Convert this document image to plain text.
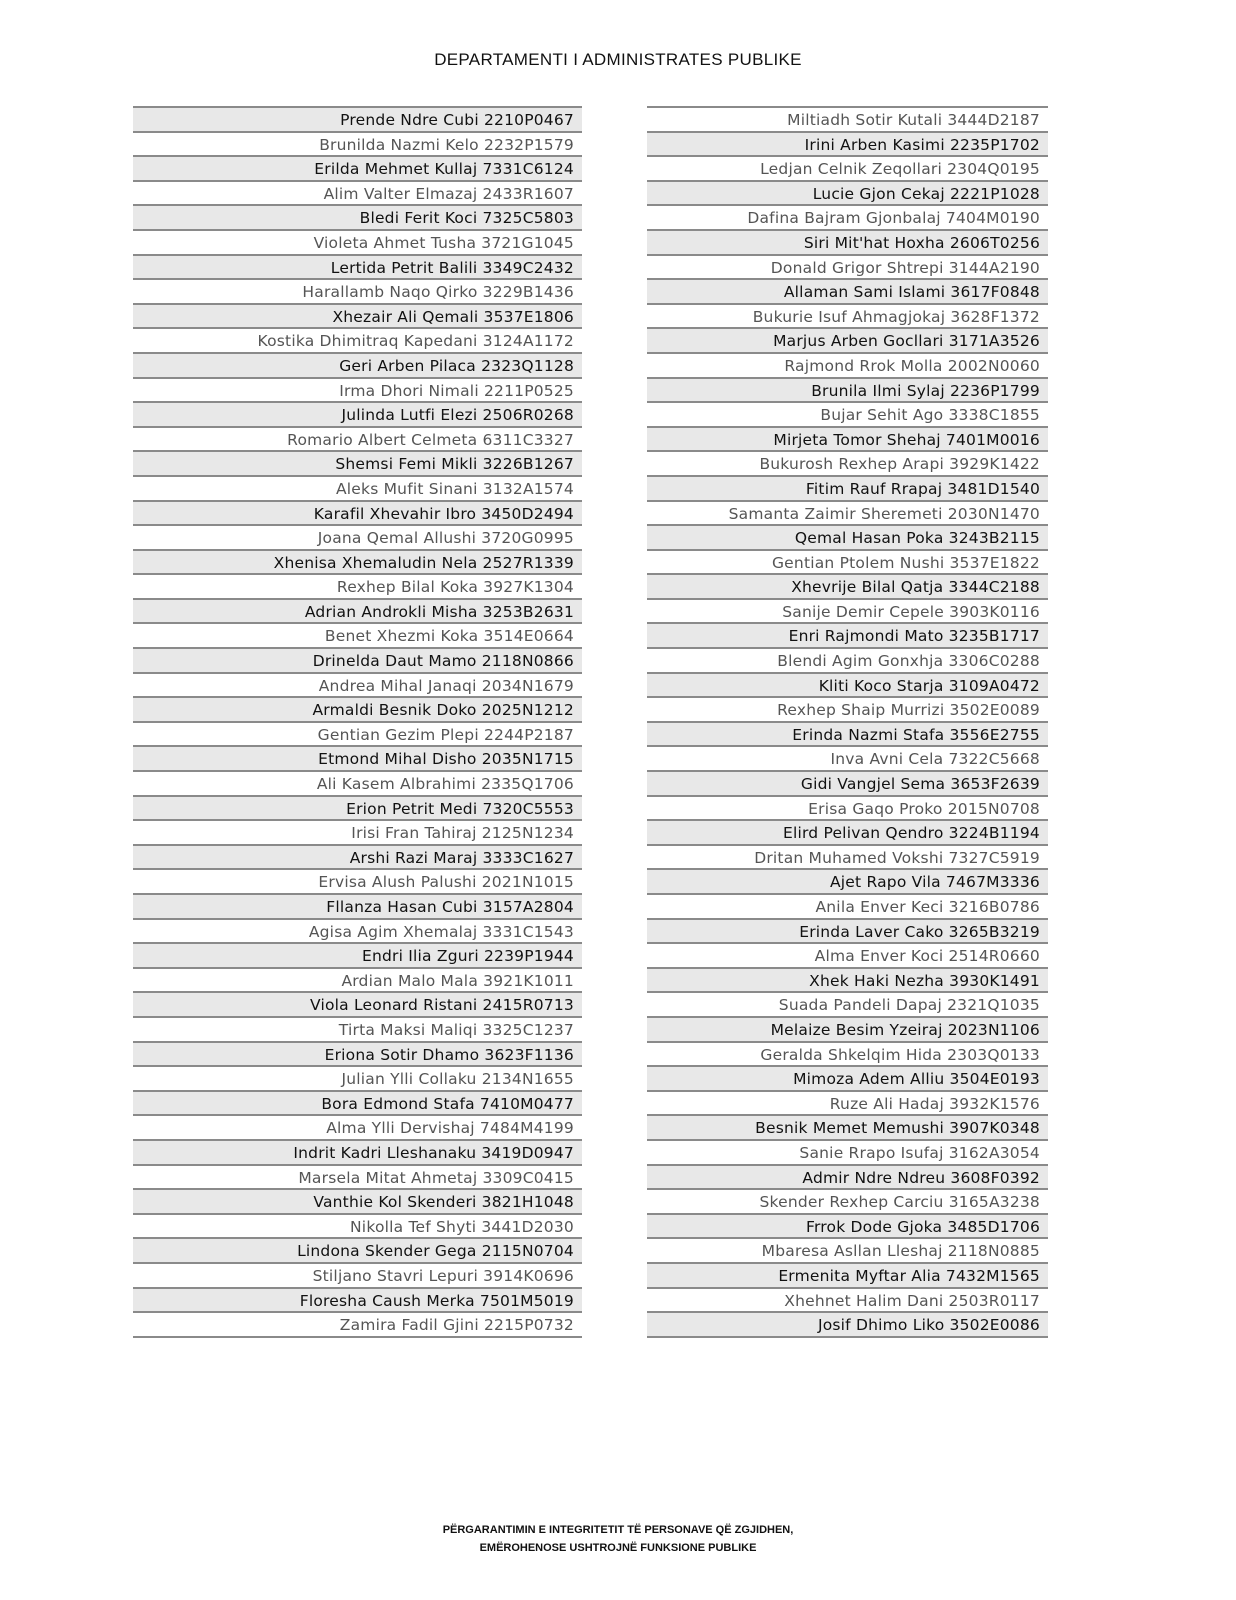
DEPARTAMENTI I ADMINISTRATES PUBLIKE
Prende Ndre Cubi 2210P0467
Brunilda Nazmi Kelo 2232P1579
Erilda Mehmet Kullaj 7331C6124
Alim Valter Elmazaj 2433R1607
Bledi Ferit Koci 7325C5803
Violeta Ahmet Tusha 3721G1045
Lertida Petrit Balili 3349C2432
Harallamb Naqo Qirko 3229B1436
Xhezair Ali Qemali 3537E1806
Kostika Dhimitraq Kapedani 3124A1172
Geri Arben Pilaca 2323Q1128
Irma Dhori Nimali 2211P0525
Julinda Lutfi Elezi 2506R0268
Romario Albert Celmeta 6311C3327
Shemsi Femi Mikli 3226B1267
Aleks Mufit Sinani 3132A1574
Karafil Xhevahir Ibro 3450D2494
Joana Qemal Allushi 3720G0995
Xhenisa Xhemaludin Nela 2527R1339
Rexhep Bilal Koka 3927K1304
Adrian Androkli Misha 3253B2631
Benet Xhezmi Koka 3514E0664
Drinelda Daut Mamo 2118N0866
Andrea Mihal Janaqi 2034N1679
Armaldi Besnik Doko 2025N1212
Gentian Gezim Plepi 2244P2187
Etmond Mihal Disho 2035N1715
Ali Kasem Albrahimi 2335Q1706
Erion Petrit Medi 7320C5553
Irisi Fran Tahiraj 2125N1234
Arshi Razi Maraj 3333C1627
Ervisa Alush Palushi 2021N1015
Fllanza Hasan Cubi 3157A2804
Agisa Agim Xhemalaj 3331C1543
Endri Ilia Zguri 2239P1944
Ardian Malo Mala 3921K1011
Viola Leonard Ristani 2415R0713
Tirta Maksi Maliqi 3325C1237
Eriona Sotir Dhamo 3623F1136
Julian Ylli Collaku 2134N1655
Bora Edmond Stafa 7410M0477
Alma Ylli Dervishaj 7484M4199
Indrit Kadri Lleshanaku 3419D0947
Marsela Mitat Ahmetaj 3309C0415
Vanthie Kol Skenderi 3821H1048
Nikolla Tef Shyti 3441D2030
Lindona Skender Gega 2115N0704
Stiljano Stavri Lepuri 3914K0696
Floresha Caush Merka 7501M5019
Zamira Fadil Gjini 2215P0732
Miltiadh Sotir Kutali 3444D2187
Irini Arben Kasimi 2235P1702
Ledjan Celnik Zeqollari 2304Q0195
Lucie Gjon Cekaj 2221P1028
Dafina Bajram Gjonbalaj 7404M0190
Siri Mit'hat Hoxha 2606T0256
Donald Grigor Shtrepi 3144A2190
Allaman Sami Islami 3617F0848
Bukurie Isuf Ahmagjokaj 3628F1372
Marjus Arben Gocllari 3171A3526
Rajmond Rrok Molla 2002N0060
Brunila Ilmi Sylaj 2236P1799
Bujar Sehit Ago 3338C1855
Mirjeta Tomor Shehaj 7401M0016
Bukurosh Rexhep Arapi 3929K1422
Fitim Rauf Rrapaj 3481D1540
Samanta Zaimir Sheremeti 2030N1470
Qemal Hasan Poka 3243B2115
Gentian Ptolem Nushi 3537E1822
Xhevrije Bilal Qatja 3344C2188
Sanije Demir Cepele 3903K0116
Enri Rajmondi Mato 3235B1717
Blendi Agim Gonxhja 3306C0288
Kliti Koco Starja 3109A0472
Rexhep Shaip Murrizi 3502E0089
Erinda Nazmi Stafa 3556E2755
Inva Avni Cela 7322C5668
Gidi Vangjel Sema 3653F2639
Erisa Gaqo Proko 2015N0708
Elird Pelivan Qendro 3224B1194
Dritan Muhamed Vokshi 7327C5919
Ajet Rapo Vila 7467M3336
Anila Enver Keci 3216B0786
Erinda Laver Cako 3265B3219
Alma Enver Koci 2514R0660
Xhek Haki Nezha 3930K1491
Suada Pandeli Dapaj 2321Q1035
Melaize Besim Yzeiraj 2023N1106
Geralda Shkelqim Hida 2303Q0133
Mimoza Adem Alliu 3504E0193
Ruze Ali Hadaj 3932K1576
Besnik Memet Memushi 3907K0348
Sanie Rrapo Isufaj 3162A3054
Admir Ndre Ndreu 3608F0392
Skender Rexhep Carciu 3165A3238
Frrok Dode Gjoka 3485D1706
Mbaresa Asllan Lleshaj 2118N0885
Ermenita Myftar Alia 7432M1565
Xhehnet Halim Dani 2503R0117
Josif Dhimo Liko 3502E0086
PËRGARANTIMIN E INTEGRITETIT TË PERSONAVE QË ZGJIDHEN,
EMËROHENOSE USHTROJNË FUNKSIONE PUBLIKE
